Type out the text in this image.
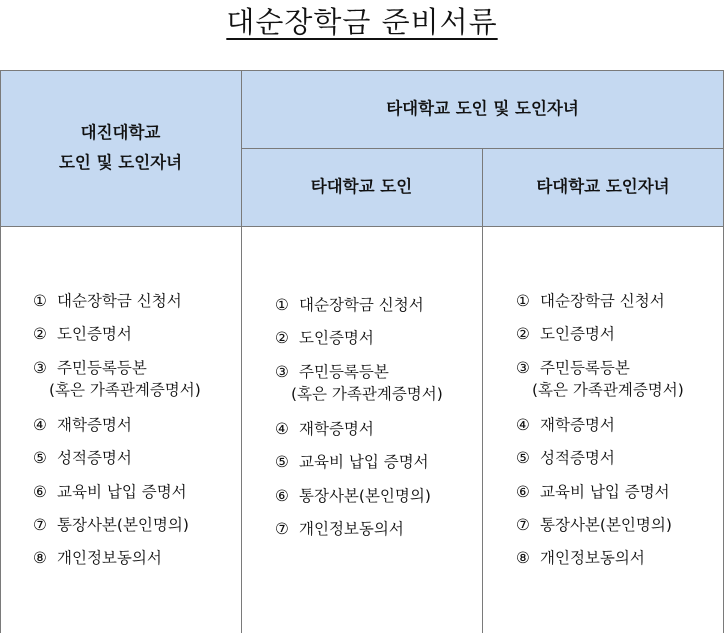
대순장학금 준비서류
대진대학교
도인 및 도인자녀
타대학교 도인 및 도인자녀
타대학교 도인	타대학교 도인자녀
① 대순장학금 신청서
② 도인증명서
③ 주민등록등본
(혹은 가족관계증명서)
④ 재학증명서
⑤ 성적증명서
⑥ 교육비 납입 증명서
⑦ 통장사본(본인명의)
⑧ 개인정보동의서
① 대순장학금 신청서
② 도인증명서
③ 주민등록등본
(혹은 가족관계증명서)
④ 재학증명서
⑤ 교육비 납입 증명서
⑥ 통장사본(본인명의)
⑦ 개인정보동의서
① 대순장학금 신청서
② 도인증명서
③ 주민등록등본
(혹은 가족관계증명서)
④ 재학증명서
⑤ 성적증명서
⑥ 교육비 납입 증명서
⑦ 통장사본(본인명의)
⑧ 개인정보동의서
